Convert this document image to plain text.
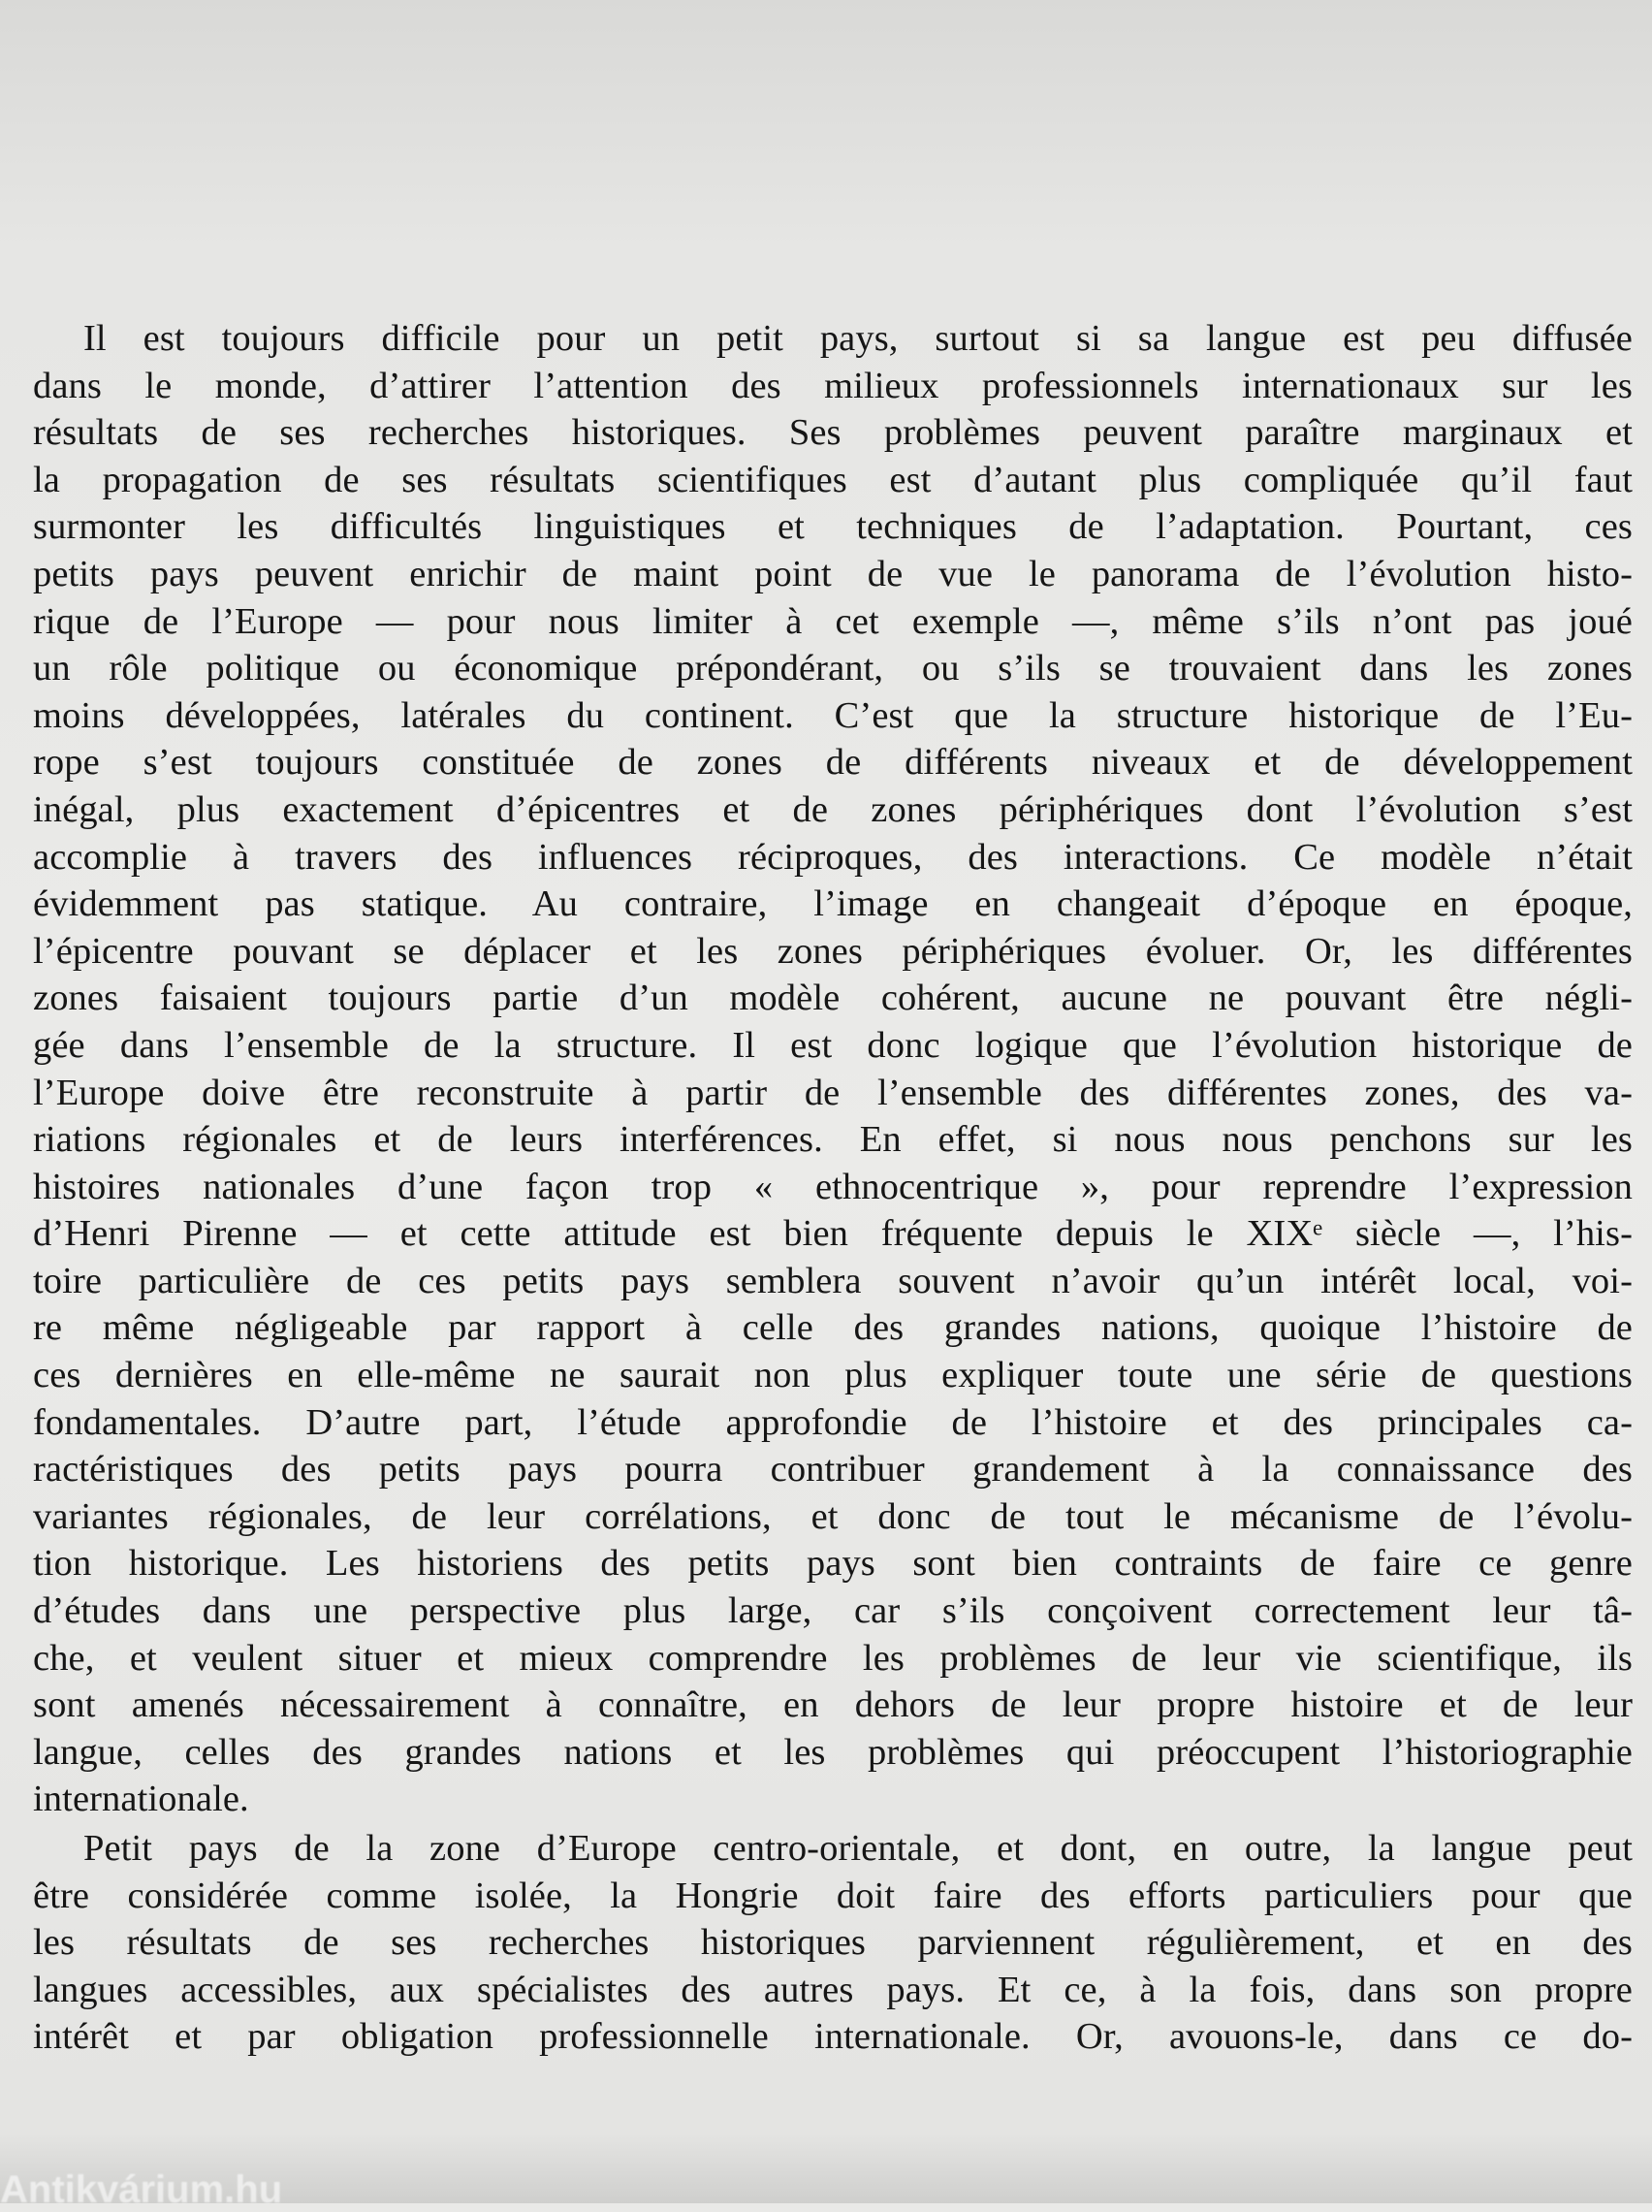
Il est toujours difficile pour un petit pays, surtout si sa langue est peu diffusée
dans le monde, d’attirer l’attention des milieux professionnels internationaux sur les
résultats de ses recherches historiques. Ses problèmes peuvent paraître marginaux et
la propagation de ses résultats scientifiques est d’autant plus compliquée qu’il faut
surmonter les difficultés linguistiques et techniques de l’adaptation. Pourtant, ces
petits pays peuvent enrichir de maint point de vue le panorama de l’évolution histo-
rique de l’Europe — pour nous limiter à cet exemple —, même s’ils n’ont pas joué
un rôle politique ou économique prépondérant, ou s’ils se trouvaient dans les zones
moins développées, latérales du continent. C’est que la structure historique de l’Eu-
rope s’est toujours constituée de zones de différents niveaux et de développement
inégal, plus exactement d’épicentres et de zones périphériques dont l’évolution s’est
accomplie à travers des influences réciproques, des interactions. Ce modèle n’était
évidemment pas statique. Au contraire, l’image en changeait d’époque en époque,
l’épicentre pouvant se déplacer et les zones périphériques évoluer. Or, les différentes
zones faisaient toujours partie d’un modèle cohérent, aucune ne pouvant être négli-
gée dans l’ensemble de la structure. Il est donc logique que l’évolution historique de
l’Europe doive être reconstruite à partir de l’ensemble des différentes zones, des va-
riations régionales et de leurs interférences. En effet, si nous nous penchons sur les
histoires nationales d’une façon trop « ethnocentrique », pour reprendre l’expression
d’Henri Pirenne — et cette attitude est bien fréquente depuis le XIXᵉ siècle —, l’his-
toire particulière de ces petits pays semblera souvent n’avoir qu’un intérêt local, voi-
re même négligeable par rapport à celle des grandes nations, quoique l’histoire de
ces dernières en elle-même ne saurait non plus expliquer toute une série de questions
fondamentales. D’autre part, l’étude approfondie de l’histoire et des principales ca-
ractéristiques des petits pays pourra contribuer grandement à la connaissance des
variantes régionales, de leur corrélations, et donc de tout le mécanisme de l’évolu-
tion historique. Les historiens des petits pays sont bien contraints de faire ce genre
d’études dans une perspective plus large, car s’ils conçoivent correctement leur tâ-
che, et veulent situer et mieux comprendre les problèmes de leur vie scientifique, ils
sont amenés nécessairement à connaître, en dehors de leur propre histoire et de leur
langue, celles des grandes nations et les problèmes qui préoccupent l’historiographie
internationale.
Petit pays de la zone d’Europe centro-orientale, et dont, en outre, la langue peut
être considérée comme isolée, la Hongrie doit faire des efforts particuliers pour que
les résultats de ses recherches historiques parviennent régulièrement, et en des
langues accessibles, aux spécialistes des autres pays. Et ce, à la fois, dans son propre
intérêt et par obligation professionnelle internationale. Or, avouons-le, dans ce do-
Antikvárium.hu
